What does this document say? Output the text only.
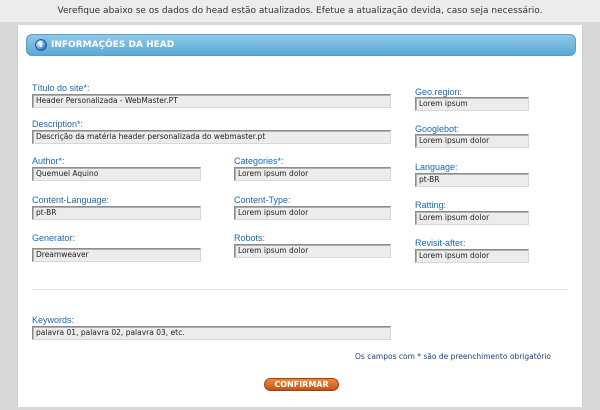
Verefique abaixo se os dados do head estão atualizados. Efetue a atualização devida, caso seja necessário.
i INFORMAÇÕES DA HEAD
Título do site*:
Header Personalizada - WebMaster.PT
Description*:
Descrição da matéria header personalizada do webmaster.pt
Author*:
Quemuel Aquino
Categories*:
Lorem ipsum dolor
Content-Language:
pt-BR
Content-Type:
Lorem ipsum dolor
Generator:
Dreamweaver
Robots:
Lorem ipsum dolor
Geo.region:
Lorem ipsum
Googlebot:
Lorem ipsum dolor
Language:
pt-BR
Ratting:
Lorem ipsum dolor
Revisit-after:
Lorem ipsum dolor
Keywords:
palavra 01, palavra 02, palavra 03, etc.
Os campos com * são de preenchimento obrigatório
CONFIRMAR
